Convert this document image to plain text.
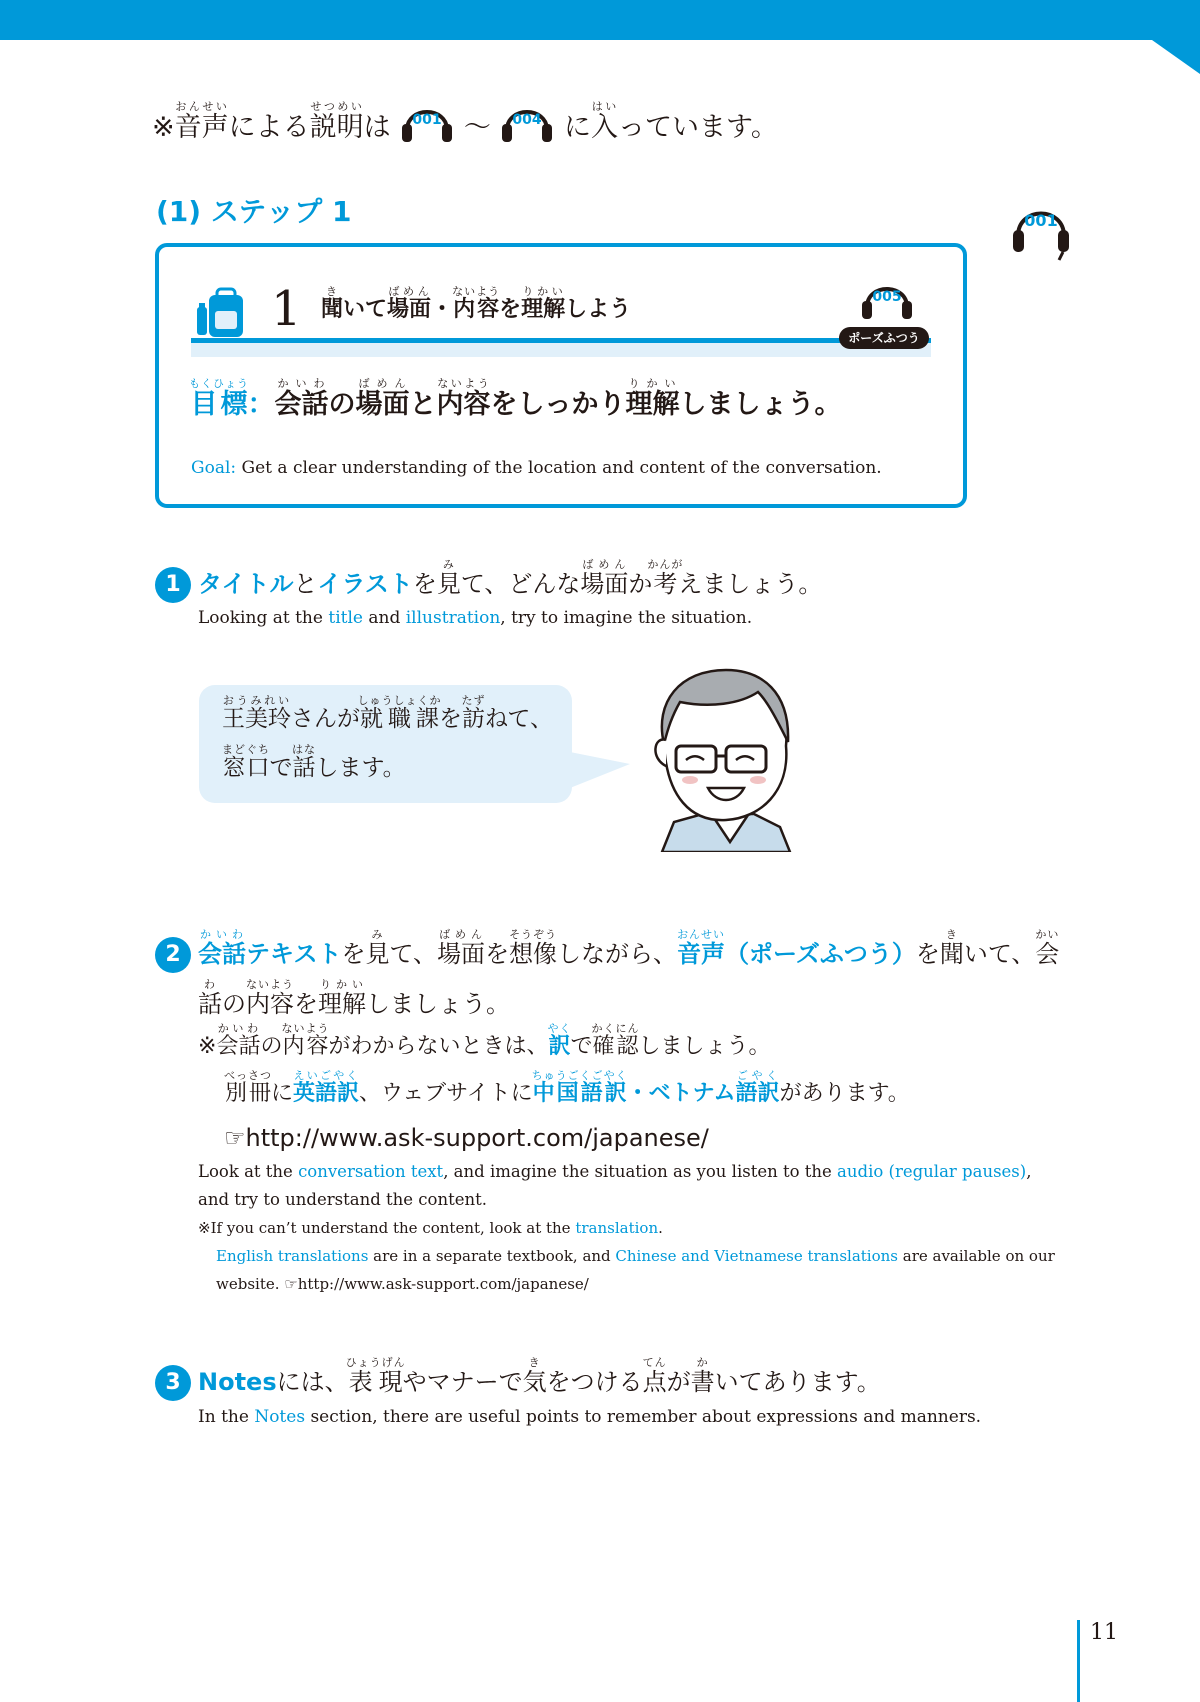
※音声おんせいによる説明せつめいは 001 〜 004 に入はいっています。
(1) ステップ 1	001
1 聞きいて場面ばめん・内容ないようを理解りかいしよう	005
ポーズふつう
目標もくひょう：会話かいわの場面ばめんと内容ないようをしっかり理解りかいしましょう。
Goal: Get a clear understanding of the location and content of the conversation.
1 タイトルとイラストを見みて、どんな場面ばめんか考かんがえましょう。
Looking at the title and illustration, try to imagine the situation.
王美玲おうみれいさんが就職課しゅうしょくかを訪たずねて、
窓口まどぐちで話はなします。
2 会話かいわテキストを見みて、場面ばめんを想像そうぞうしながら、音声おんせい（ポーズふつう）を聞きいて、会かい
話わの内容ないようを理解りかいしましょう。
※会話かいわの内容ないようがわからないときは、訳やくで確認かくにんしましょう。
別冊べっさつに英語訳えいごやく、ウェブサイトに中国語訳ちゅうごくごやく・ベトナム語訳ごやくがあります。
☞http://www.ask-support.com/japanese/
Look at the conversation text, and imagine the situation as you listen to the audio (regular pauses),
and try to understand the content.
※If you can’t understand the content, look at the translation.
English translations are in a separate textbook, and Chinese and Vietnamese translations are available on our
website. ☞http://www.ask-support.com/japanese/
3 Notesには、表現ひょうげんやマナーで気きをつける点てんが書かいてあります。
In the Notes section, there are useful points to remember about expressions and manners.
11
